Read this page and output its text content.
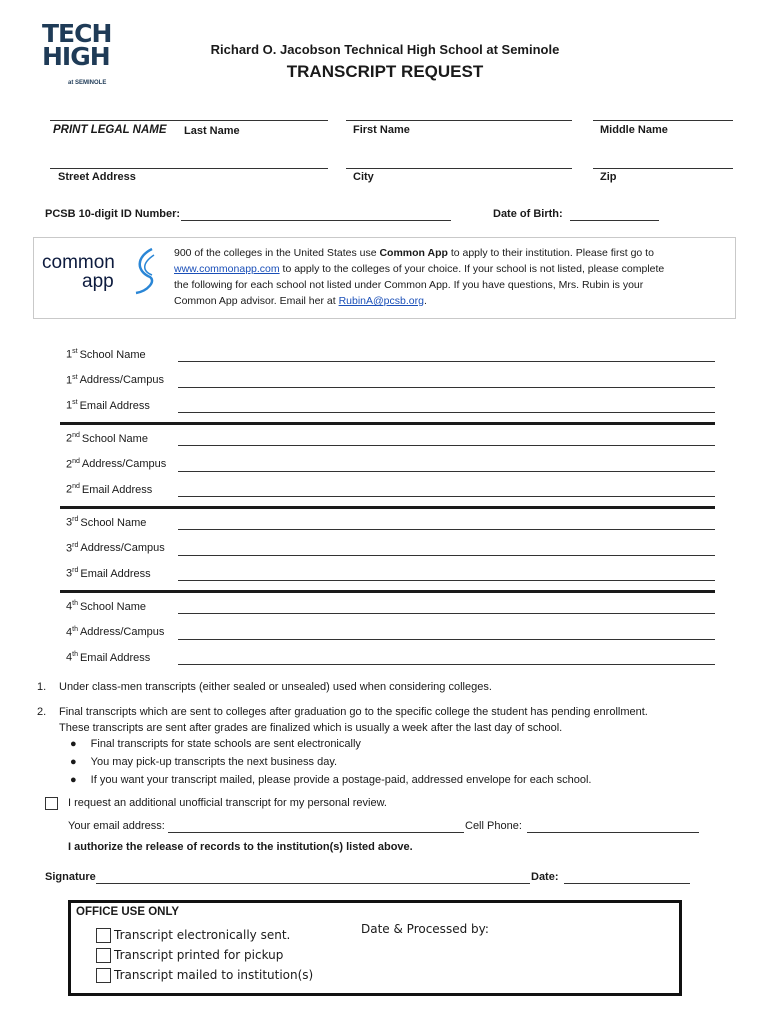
TECH
HIGH
at SEMINOLE
Richard O. Jacobson Technical High School at Seminole
TRANSCRIPT REQUEST
PRINT LEGAL NAME Last Name	First Name	Middle Name
Street Address	City	Zip
PCSB 10-digit ID Number:	Date of Birth:
common
app
900 of the colleges in the United States use Common App to apply to their institution. Please first go to
www.commonapp.com to apply to the colleges of your choice. If your school is not listed, please complete
the following for each school not listed under Common App. If you have questions, Mrs. Rubin is your
Common App advisor. Email her at RubinA@pcsb.org.
1st School Name
1st Address/Campus
1st Email Address
2nd School Name
2nd Address/Campus
2nd Email Address
3rd School Name
3rd Address/Campus
3rd Email Address
4th School Name
4th Address/Campus
4th Email Address
1. Under class-men transcripts (either sealed or unsealed) used when considering colleges.
2. Final transcripts which are sent to colleges after graduation go to the specific college the student has pending enrollment.
These transcripts are sent after grades are finalized which is usually a week after the last day of school.
● Final transcripts for state schools are sent electronically
● You may pick-up transcripts the next business day.
● If you want your transcript mailed, please provide a postage-paid, addressed envelope for each school.
I request an additional unofficial transcript for my personal review.
Your email address:	Cell Phone:
I authorize the release of records to the institution(s) listed above.
Signature	Date:
OFFICE USE ONLY
Transcript electronically sent.
Transcript printed for pickup
Transcript mailed to institution(s)
Date & Processed by:
